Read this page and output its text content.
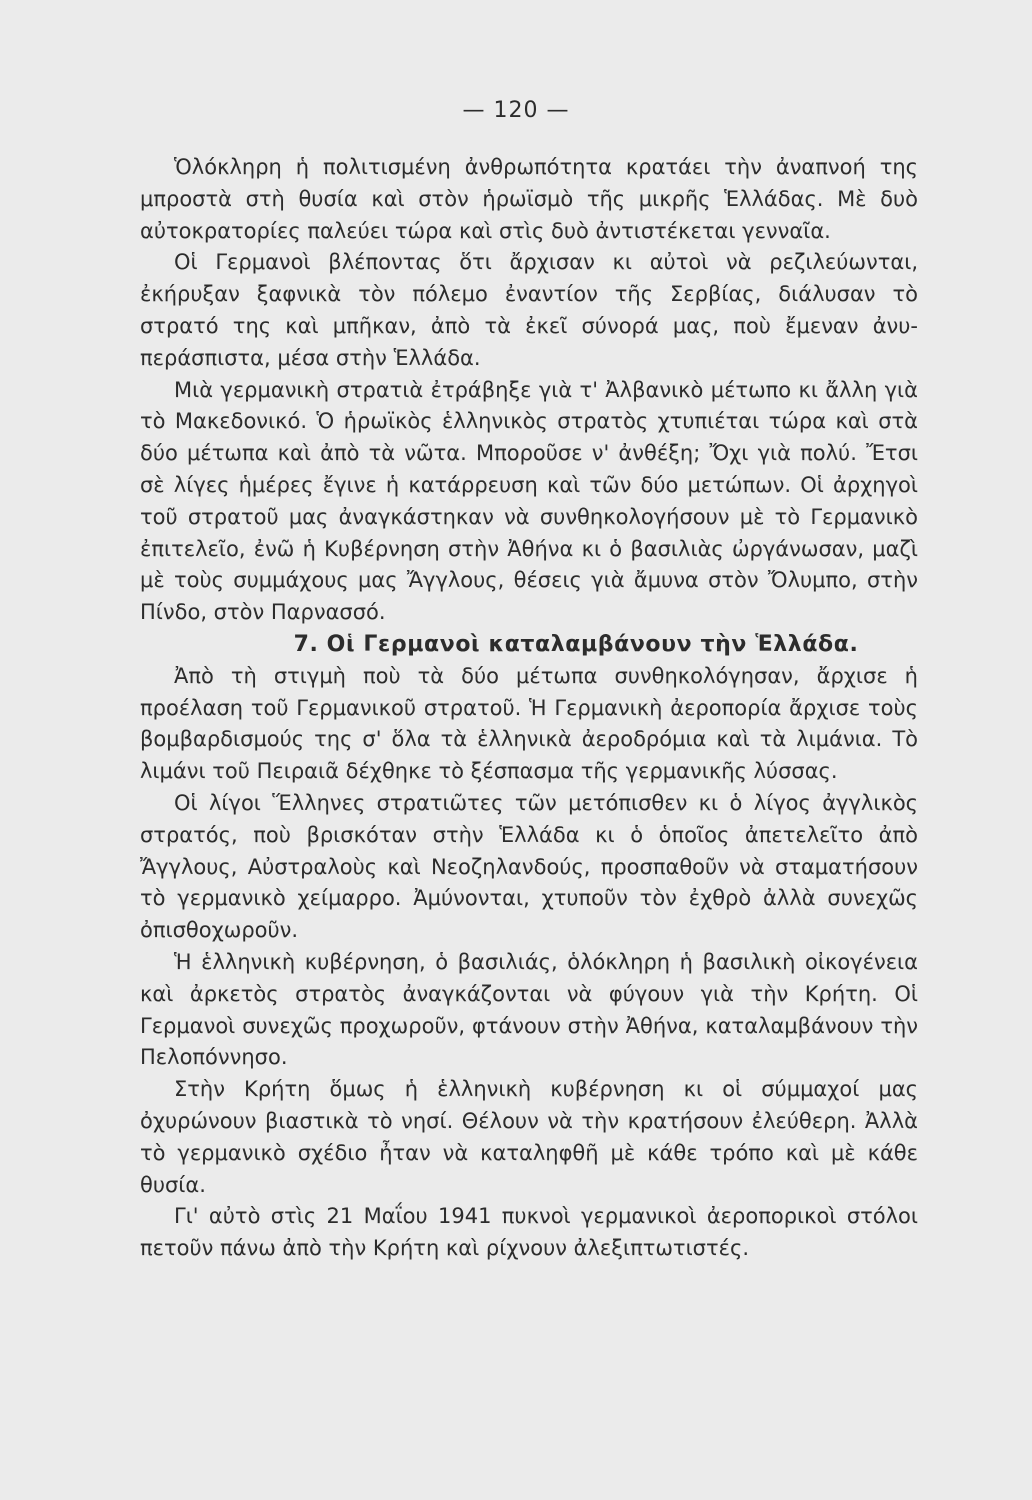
— 120 —

Ὁλόκληρη ἡ πολιτισμένη ἀνθρωπότητα κρατάει τὴν ἀναπνοή της μπροστὰ στὴ θυσία καὶ στὸν ἡρωϊσμὸ τῆς μικρῆς Ἑλλάδας. Μὲ δυὸ αὐτοκρατορίες παλεύει τώρα καὶ στὶς δυὸ ἀντιστέκεται γενναῖα.

Οἱ Γερμανοὶ βλέποντας ὅτι ἄρχισαν κι αὐτοὶ νὰ ρεζιλεύωνται, ἐκήρυξαν ξαφνικὰ τὸν πόλεμο ἐναντίον τῆς Σερβίας, διάλυσαν τὸ στρατό της καὶ μπῆκαν, ἀπὸ τὰ ἐκεῖ σύνορά μας, ποὺ ἔμεναν ἀνυπεράσπιστα, μέσα στὴν Ἑλλάδα.

Μιὰ γερμανικὴ στρατιὰ ἐτράβηξε γιὰ τ' Ἀλβανικὸ μέτωπο κι ἄλλη γιὰ τὸ Μακεδονικό. Ὁ ἡρωϊκὸς ἑλληνικὸς στρατὸς χτυπιέται τώρα καὶ στὰ δύο μέτωπα καὶ ἀπὸ τὰ νῶτα. Μποροῦσε ν' ἀνθέξη; Ὄχι γιὰ πολύ. Ἔτσι σὲ λίγες ἡμέρες ἔγινε ἡ κατάρρευση καὶ τῶν δύο μετώπων. Οἱ ἀρχηγοὶ τοῦ στρατοῦ μας ἀναγκάστηκαν νὰ συνθηκολογήσουν μὲ τὸ Γερμανικὸ ἐπιτελεῖο, ἐνῶ ἡ Κυβέρνηση στὴν Ἀθήνα κι ὁ βασιλιὰς ὠργάνωσαν, μαζὶ μὲ τοὺς συμμάχους μας Ἄγγλους, θέσεις γιὰ ἄμυνα στὸν Ὄλυμπο, στὴν Πίνδο, στὸν Παρνασσό.

7. Οἱ Γερμανοὶ καταλαμβάνουν τὴν Ἑλλάδα.

Ἀπὸ τὴ στιγμὴ ποὺ τὰ δύο μέτωπα συνθηκολόγησαν, ἄρχισε ἡ προέλαση τοῦ Γερμανικοῦ στρατοῦ. Ἡ Γερμανικὴ ἀεροπορία ἄρχισε τοὺς βομβαρδισμούς της σ' ὅλα τὰ ἑλληνικὰ ἀεροδρόμια καὶ τὰ λιμάνια. Τὸ λιμάνι τοῦ Πειραιᾶ δέχθηκε τὸ ξέσπασμα τῆς γερμανικῆς λύσσας.

Οἱ λίγοι Ἕλληνες στρατιῶτες τῶν μετόπισθεν κι ὁ λίγος ἀγγλικὸς στρατός, ποὺ βρισκόταν στὴν Ἑλλάδα κι ὁ ὁποῖος ἀπετελεῖτο ἀπὸ Ἄγγλους, Αὐστραλοὺς καὶ Νεοζηλανδούς, προσπαθοῦν νὰ σταματήσουν τὸ γερμανικὸ χείμαρρο. Ἀμύνονται, χτυποῦν τὸν ἐχθρὸ ἀλλὰ συνεχῶς ὀπισθοχωροῦν.

Ἡ ἑλληνικὴ κυβέρνηση, ὁ βασιλιάς, ὁλόκληρη ἡ βασιλικὴ οἰκογένεια καὶ ἀρκετὸς στρατὸς ἀναγκάζονται νὰ φύγουν γιὰ τὴν Κρήτη. Οἱ Γερμανοὶ συνεχῶς προχωροῦν, φτάνουν στὴν Ἀθήνα, καταλαμβάνουν τὴν Πελοπόννησο.

Στὴν Κρήτη ὅμως ἡ ἑλληνικὴ κυβέρνηση κι οἱ σύμμαχοί μας ὀχυρώνουν βιαστικὰ τὸ νησί. Θέλουν νὰ τὴν κρατήσουν ἐλεύθερη. Ἀλλὰ τὸ γερμανικὸ σχέδιο ἦταν νὰ καταληφθῆ μὲ κάθε τρόπο καὶ μὲ κάθε θυσία.

Γι' αὐτὸ στὶς 21 Μαΐου 1941 πυκνοὶ γερμανικοὶ ἀεροπορικοὶ στόλοι πετοῦν πάνω ἀπὸ τὴν Κρήτη καὶ ρίχνουν ἀλεξιπτωτιστές.
